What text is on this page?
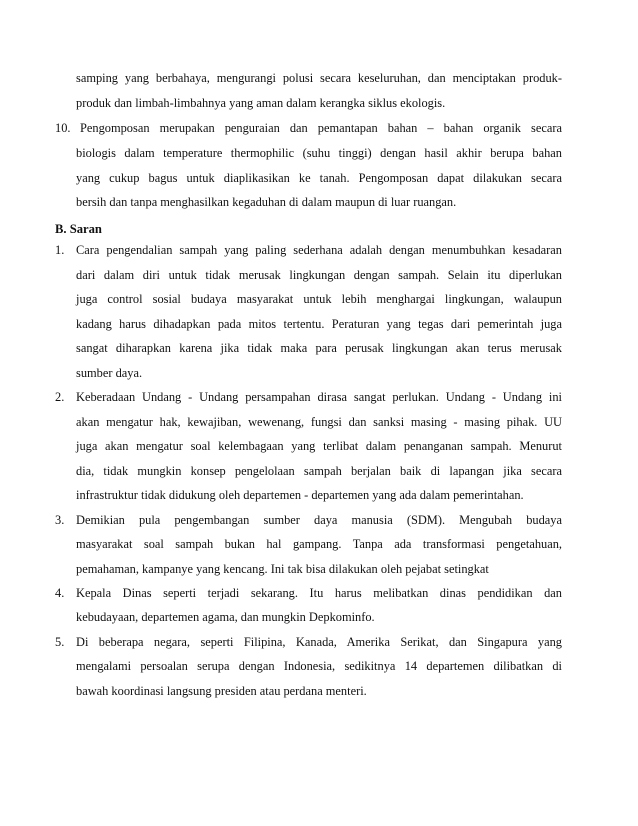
samping yang berbahaya, mengurangi polusi secara keseluruhan, dan menciptakan produk-
produk dan limbah-limbahnya yang aman dalam kerangka siklus ekologis.
10. Pengomposan merupakan penguraian dan pemantapan bahan – bahan organik secara
biologis dalam temperature thermophilic (suhu tinggi) dengan hasil akhir berupa bahan
yang cukup bagus untuk diaplikasikan ke tanah. Pengomposan dapat dilakukan secara
bersih dan tanpa menghasilkan kegaduhan di dalam maupun di luar ruangan.
B. Saran
1. Cara pengendalian sampah yang paling sederhana adalah dengan menumbuhkan kesadaran
dari dalam diri untuk tidak merusak lingkungan dengan sampah. Selain itu diperlukan
juga control sosial budaya masyarakat untuk lebih menghargai lingkungan, walaupun
kadang harus dihadapkan pada mitos tertentu. Peraturan yang tegas dari pemerintah juga
sangat diharapkan karena jika tidak maka para perusak lingkungan akan terus merusak
sumber daya.
2. Keberadaan Undang - Undang persampahan dirasa sangat perlukan. Undang - Undang ini
akan mengatur hak, kewajiban, wewenang, fungsi dan sanksi masing - masing pihak. UU
juga akan mengatur soal kelembagaan yang terlibat dalam penanganan sampah. Menurut
dia, tidak mungkin konsep pengelolaan sampah berjalan baik di lapangan jika secara
infrastruktur tidak didukung oleh departemen - departemen yang ada dalam pemerintahan.
3. Demikian pula pengembangan sumber daya manusia (SDM). Mengubah budaya
masyarakat soal sampah bukan hal gampang. Tanpa ada transformasi pengetahuan,
pemahaman, kampanye yang kencang. Ini tak bisa dilakukan oleh pejabat setingkat
4. Kepala Dinas seperti terjadi sekarang. Itu harus melibatkan dinas pendidikan dan
kebudayaan, departemen agama, dan mungkin Depkominfo.
5. Di beberapa negara, seperti Filipina, Kanada, Amerika Serikat, dan Singapura yang
mengalami persoalan serupa dengan Indonesia, sedikitnya 14 departemen dilibatkan di
bawah koordinasi langsung presiden atau perdana menteri.
